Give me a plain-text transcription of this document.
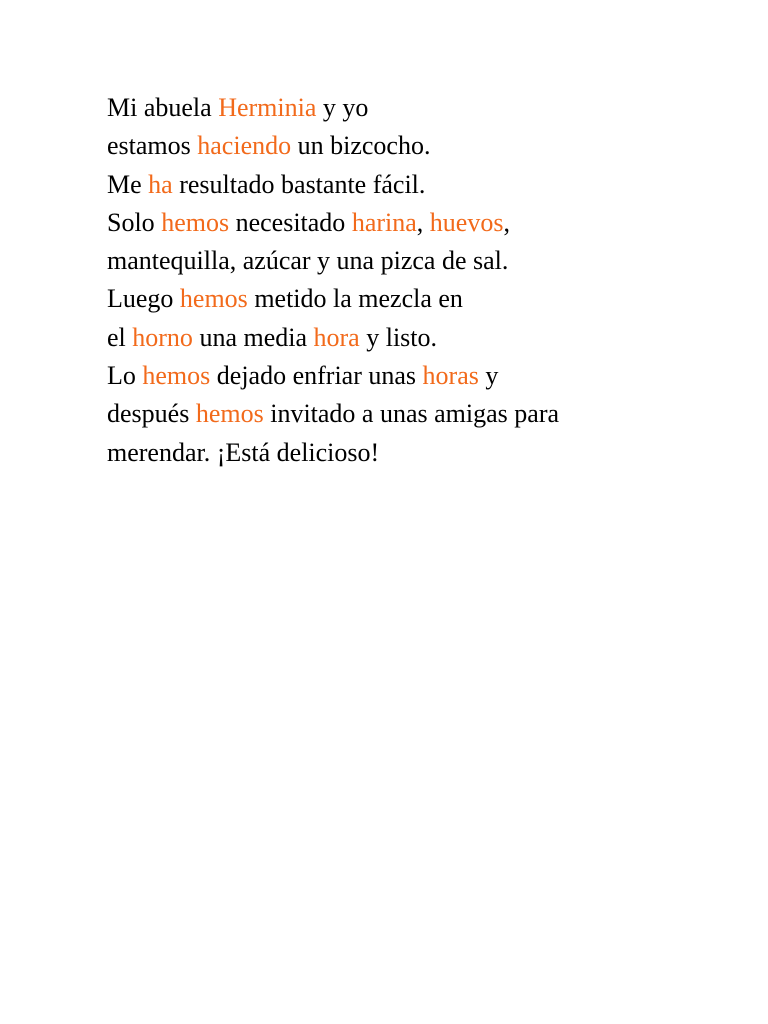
Mi abuela Herminia y yo
estamos haciendo un bizcocho.
Me ha resultado bastante fácil.
Solo hemos necesitado harina, huevos,
mantequilla, azúcar y una pizca de sal.
Luego hemos metido la mezcla en
el horno una media hora y listo.
Lo hemos dejado enfriar unas horas y
después hemos invitado a unas amigas para
merendar. ¡Está delicioso!
